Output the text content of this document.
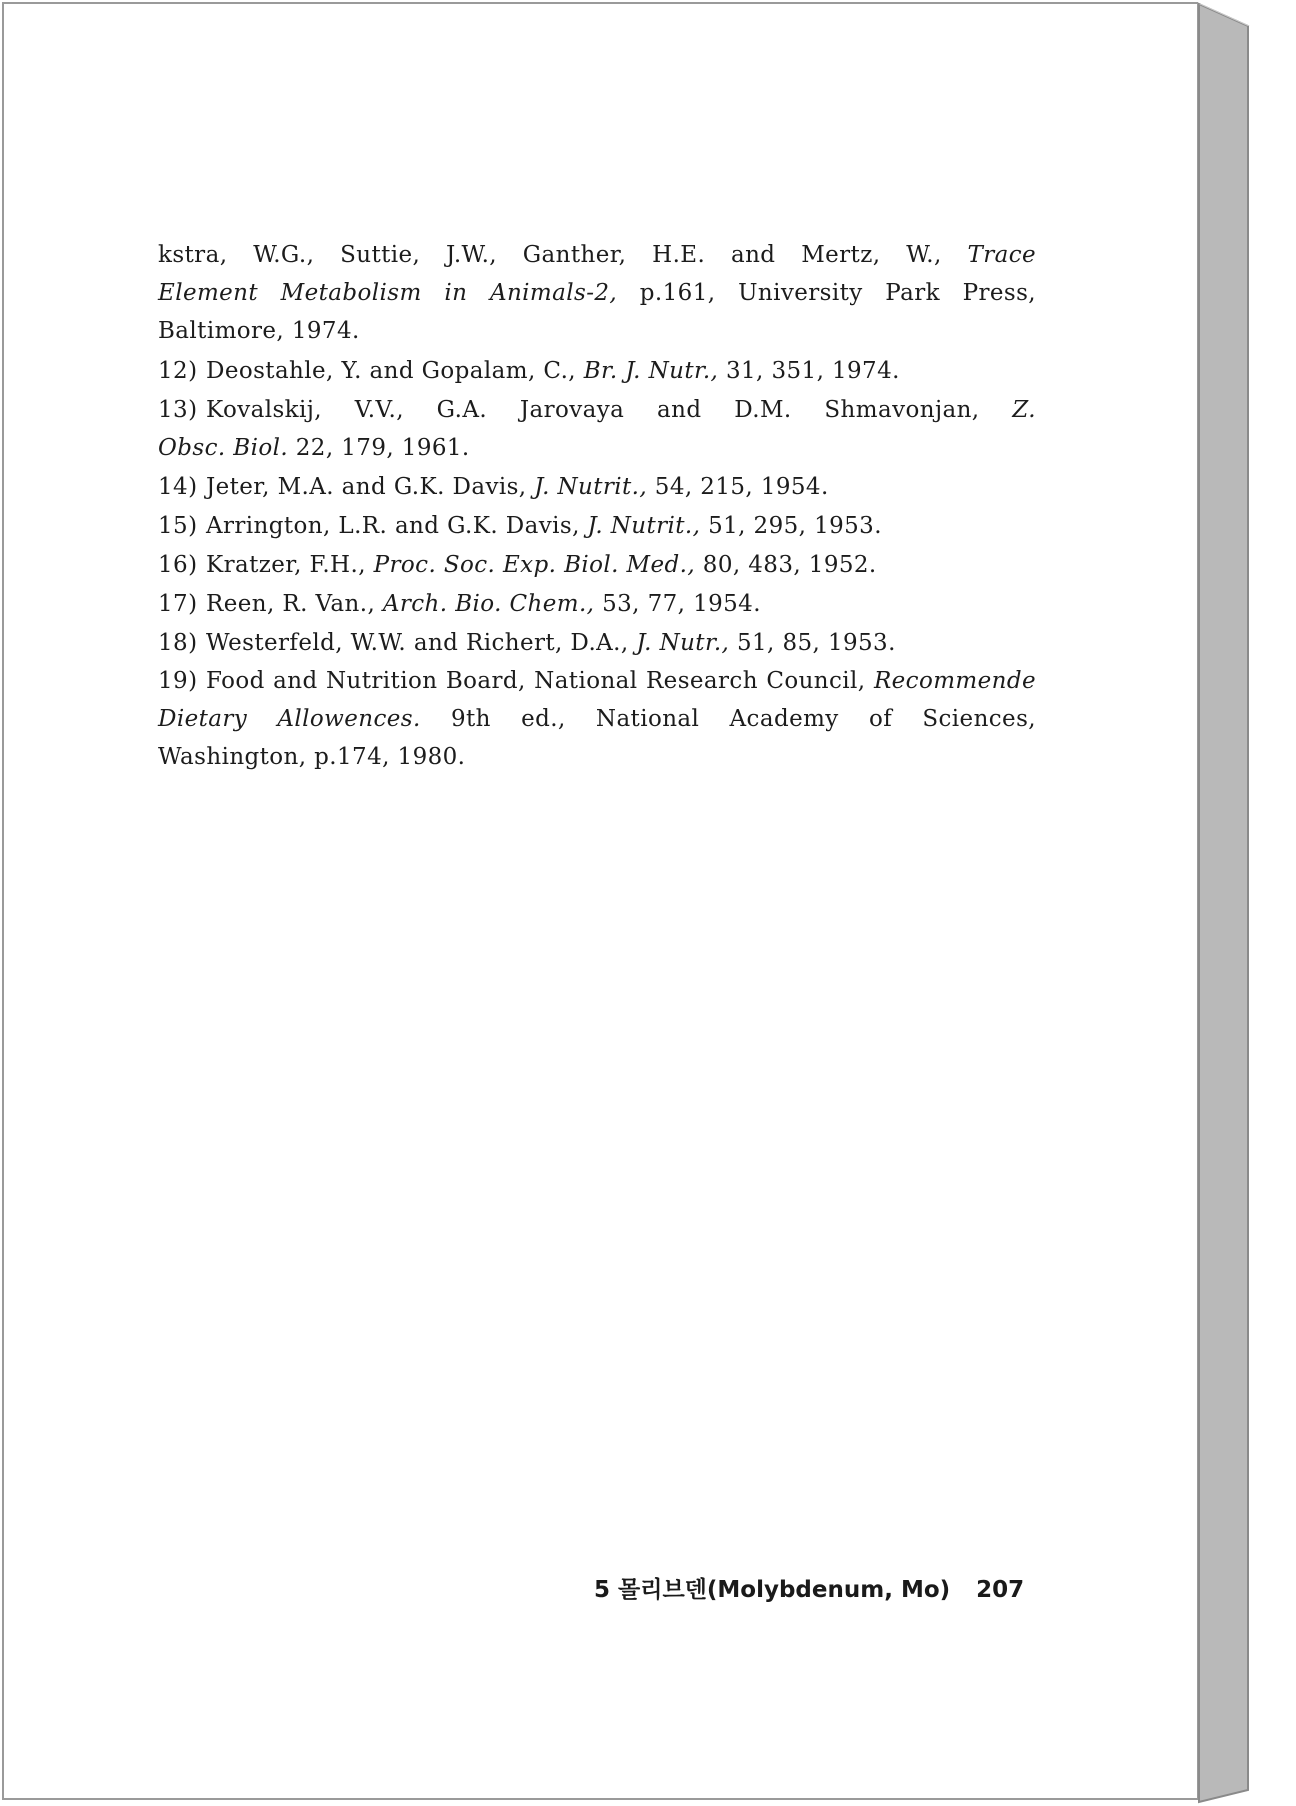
kstra, W.G., Suttie, J.W., Ganther, H.E. and Mertz, W., Trace
Element Metabolism in Animals-2, p.161, University Park Press,
Baltimore, 1974.
12) Deostahle, Y. and Gopalam, C., Br. J. Nutr., 31, 351, 1974.
13) Kovalskij, V.V., G.A. Jarovaya and D.M. Shmavonjan, Z.
Obsc. Biol. 22, 179, 1961.
14) Jeter, M.A. and G.K. Davis, J. Nutrit., 54, 215, 1954.
15) Arrington, L.R. and G.K. Davis, J. Nutrit., 51, 295, 1953.
16) Kratzer, F.H., Proc. Soc. Exp. Biol. Med., 80, 483, 1952.
17) Reen, R. Van., Arch. Bio. Chem., 53, 77, 1954.
18) Westerfeld, W.W. and Richert, D.A., J. Nutr., 51, 85, 1953.
19) Food and Nutrition Board, National Research Council, Recommende
Dietary Allowences. 9th ed., National Academy of Sciences,
Washington, p.174, 1980.
5 몰리브덴(Molybdenum, Mo) 207
